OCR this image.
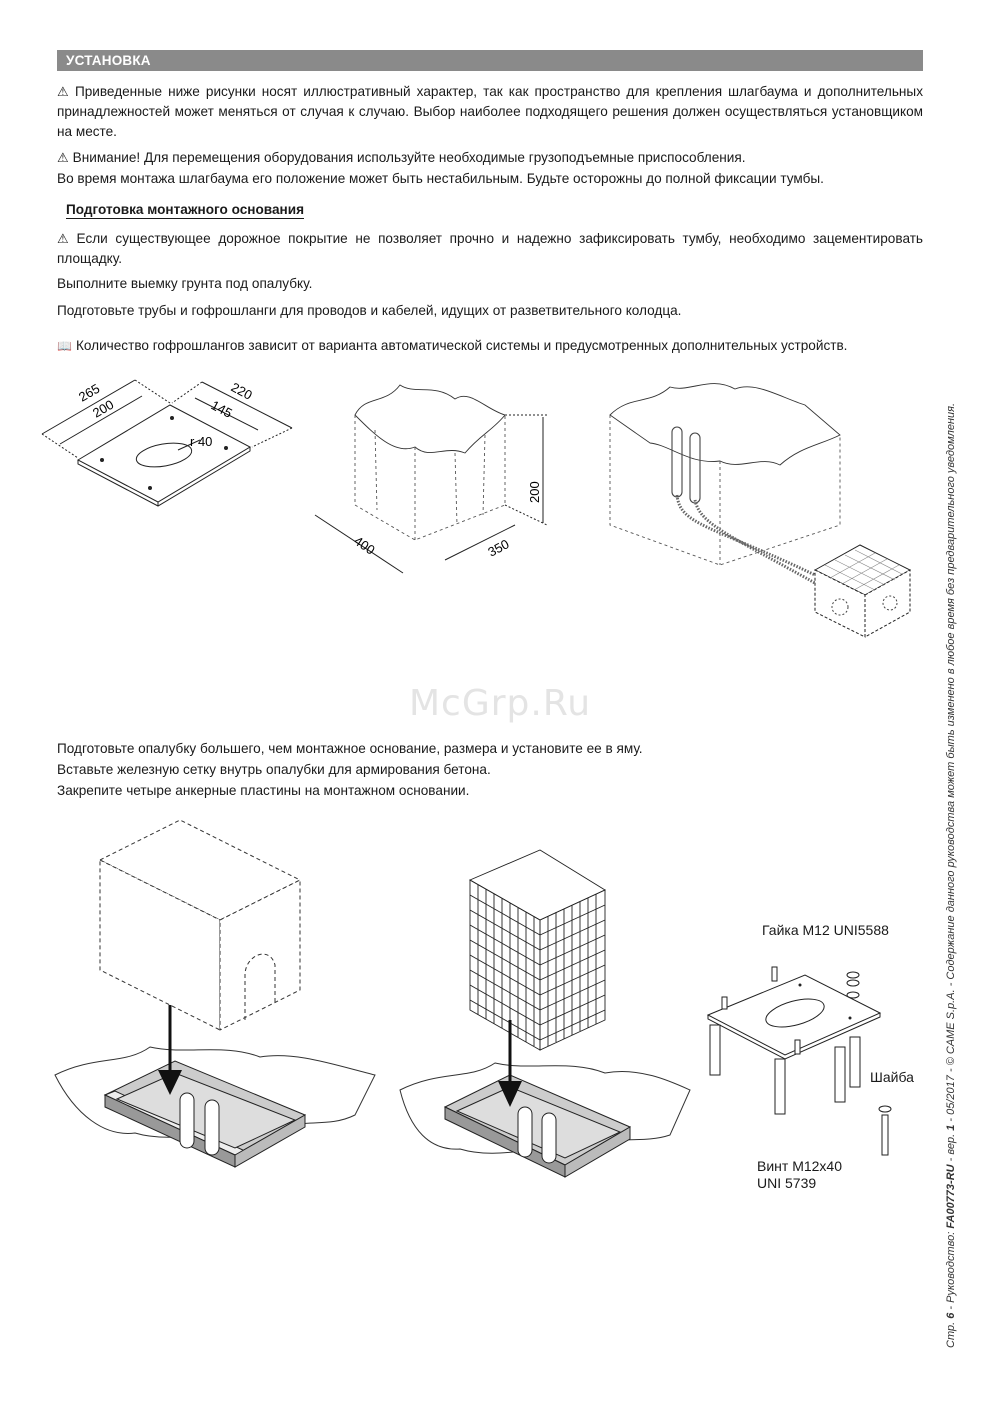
УСТАНОВКА

⚠ Приведенные ниже рисунки носят иллюстративный характер, так как пространство для крепления шлагбаума и дополнительных принадлежностей может меняться от случая к случаю. Выбор наиболее подходящего решения должен осуществляться установщиком на месте.

⚠ Внимание! Для перемещения оборудования используйте необходимые грузоподъемные приспособления.

Во время монтажа шлагбаума его положение может быть нестабильным. Будьте осторожны до полной фиксации тумбы.

Подготовка монтажного основания

⚠ Если существующее дорожное покрытие не позволяет прочно и надежно зафиксировать тумбу, необходимо зацементировать площадку.

Выполните выемку грунта под опалубку.

Подготовьте трубы и гофрошланги для проводов и кабелей, идущих от разветвительного колодца.

📖 Количество гофрошлангов зависит от варианта автоматической системы и предусмотренных дополнительных устройств.

265
200
220
145
r 40
400	350
200
McGrp.Ru

Подготовьте опалубку большего, чем монтажное основание, размера и установите ее в яму.

Вставьте железную сетку внутрь опалубки для армирования бетона.

Закрепите четыре анкерные пластины на монтажном основании.

Гайка M12 UNI5588
Шайба
Винт M12x40
UNI 5739
Стр. 6 - Руководство: FA00773-RU - вер. 1 - 05/2017 - © CAME S.p.A. - Содержание данного руководства может быть изменено в любое время без предварительного уведомления.
